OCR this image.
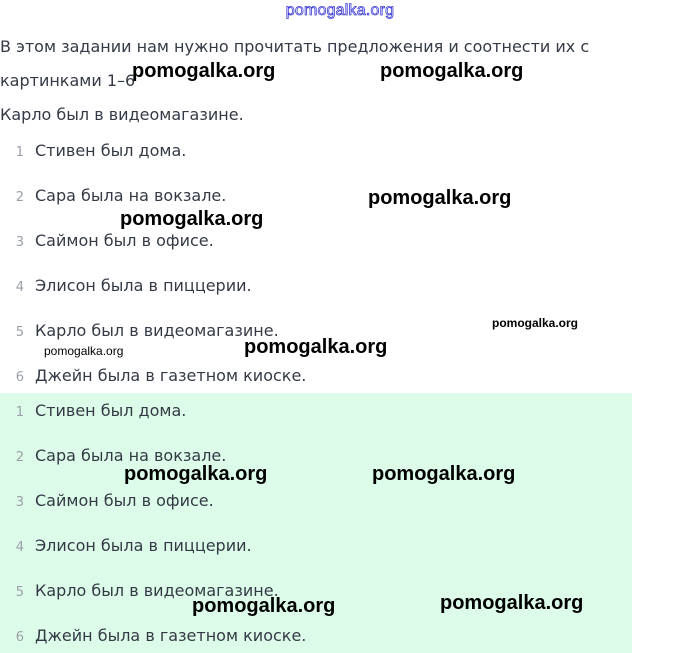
pomogalka.org
В этом задании нам нужно прочитать предложения и соотнести их с картинками 1–6
Карло был в видеомагазине.
1 Стивен был дома.
2 Сара была на вокзале.
3 Саймон был в офисе.
4 Элисон была в пиццерии.
5 Карло был в видеомагазине.
6 Джейн была в газетном киоске.
1 Стивен был дома.
2 Сара была на вокзале.
3 Саймон был в офисе.
4 Элисон была в пиццерии.
5 Карло был в видеомагазине.
6 Джейн была в газетном киоске.
pomogalka.org	pomogalka.org
pomogalka.org
pomogalka.org
pomogalka.org
pomogalka.org
pomogalka.org
pomogalka.org	pomogalka.org
pomogalka.org	pomogalka.org
